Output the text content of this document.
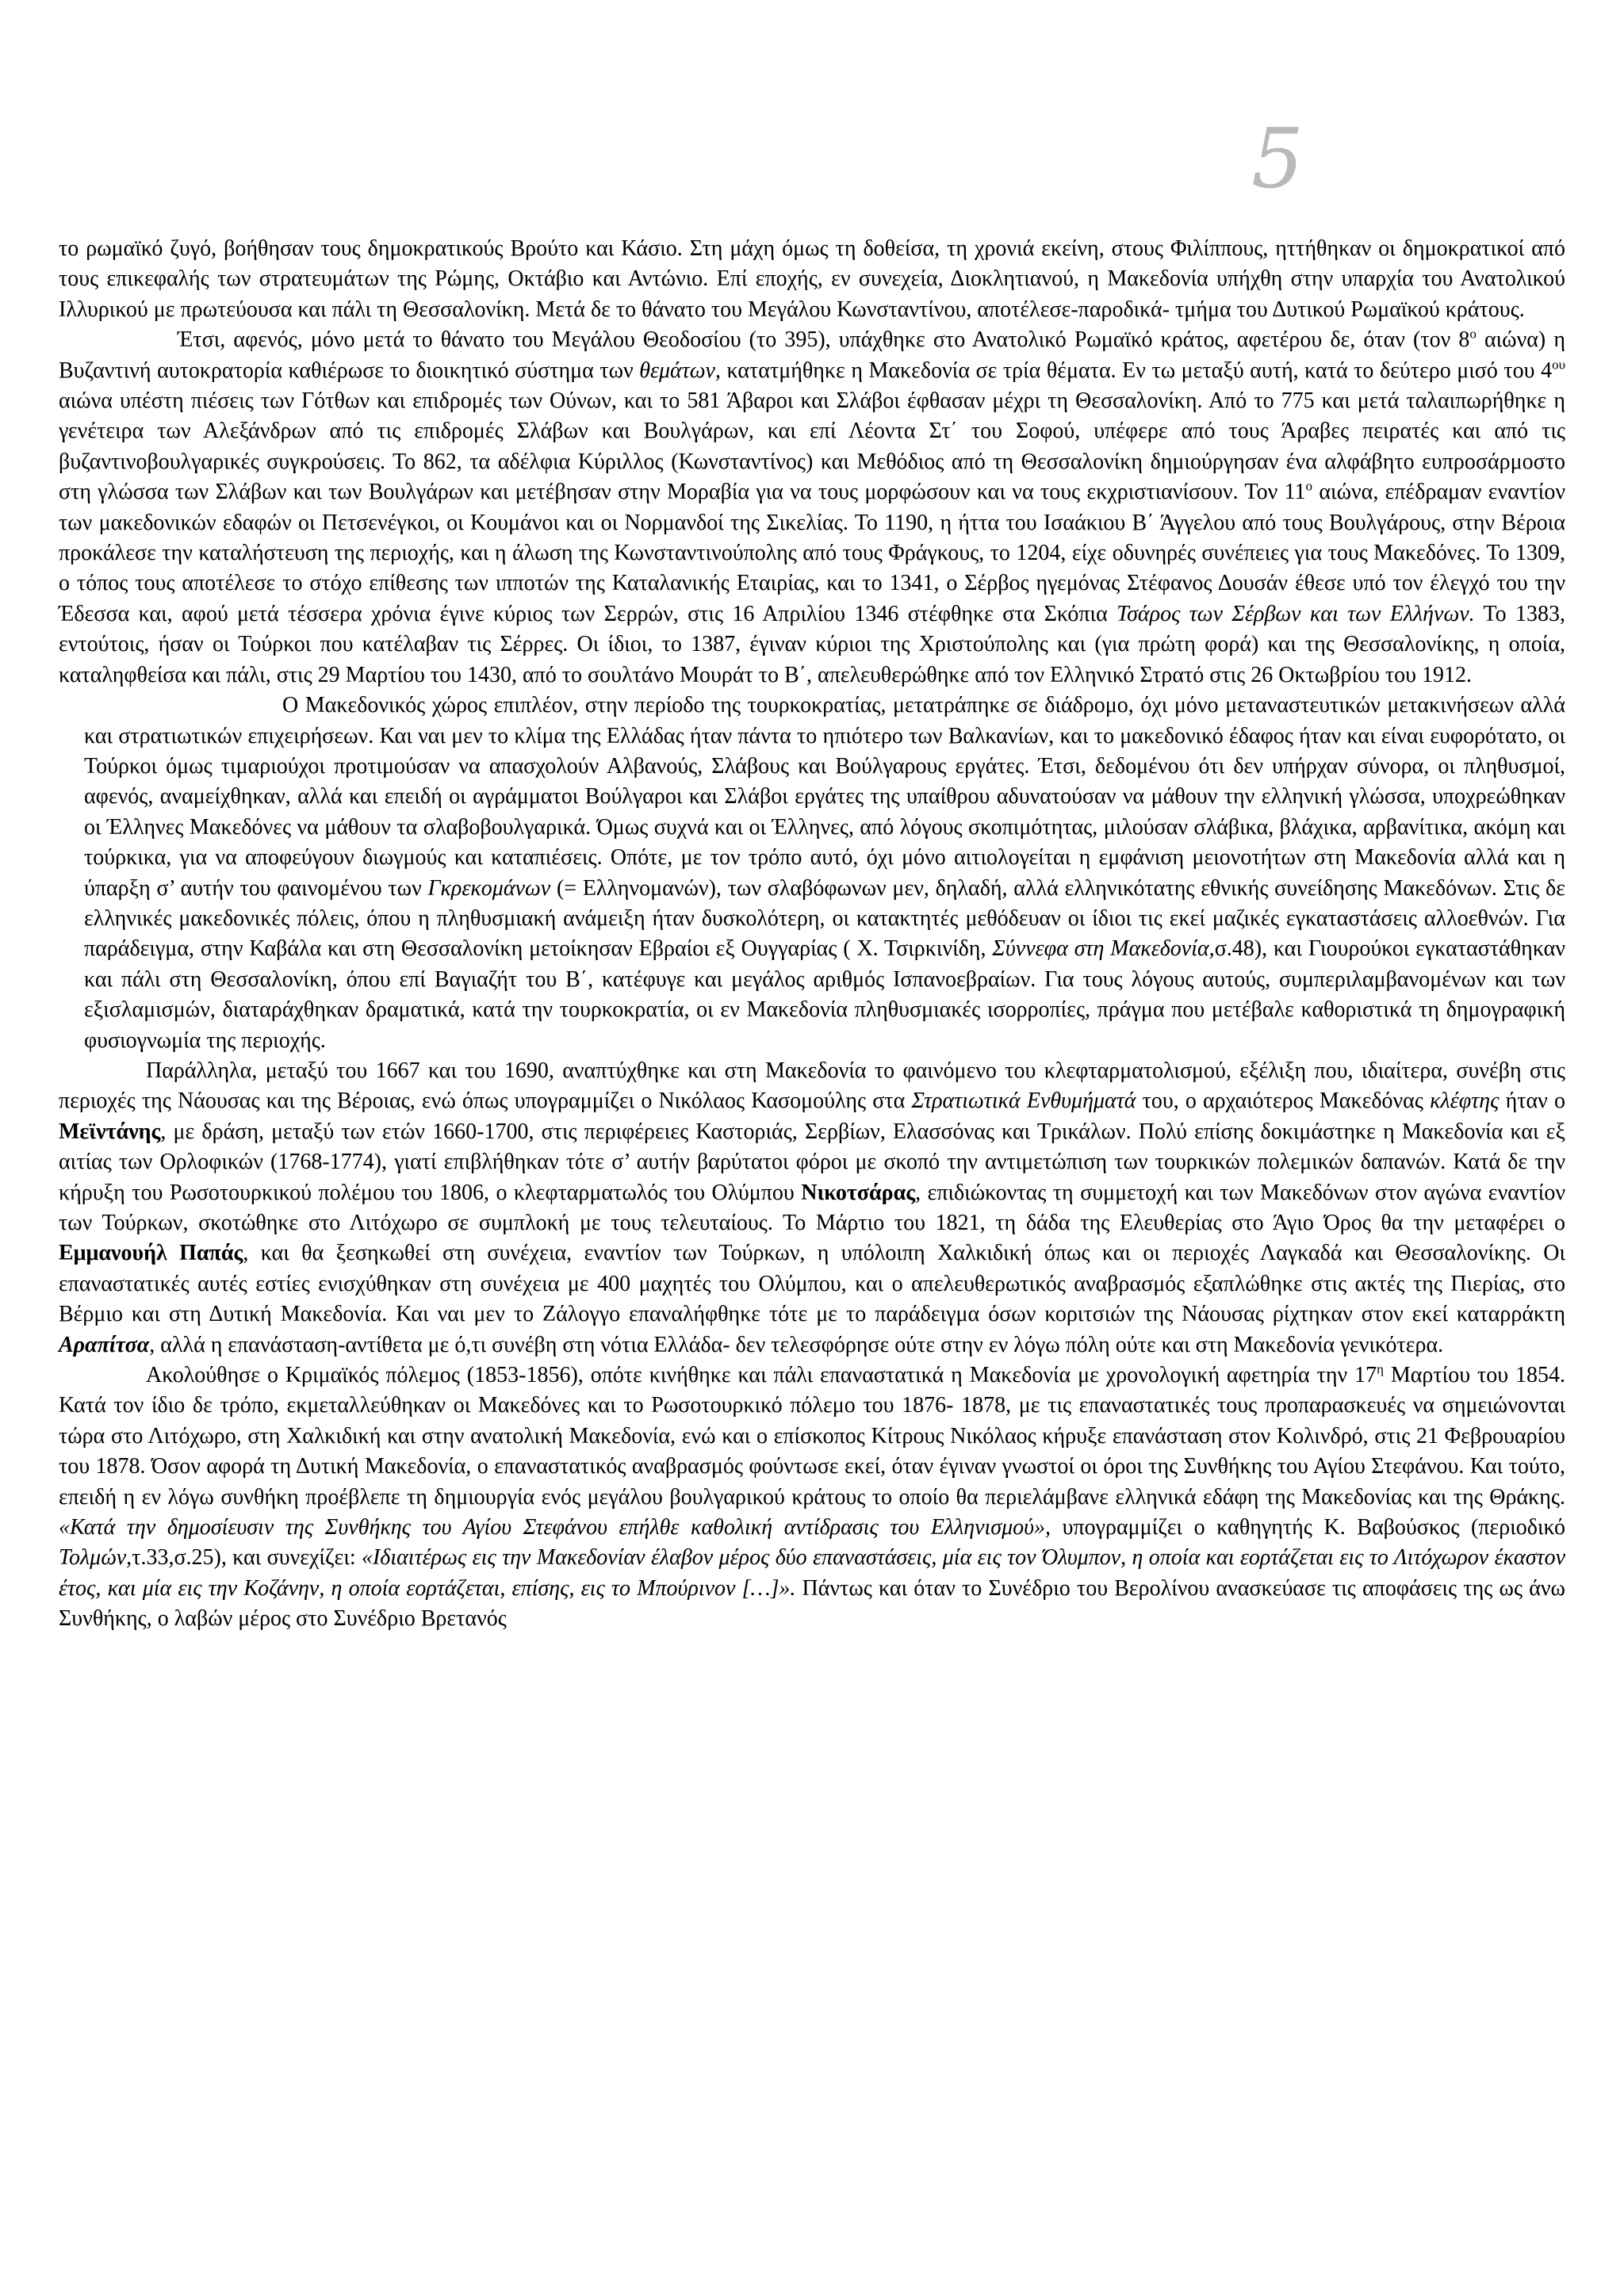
5

το ρωμαϊκό ζυγό, βοήθησαν τους δημοκρατικούς Βρούτο και Κάσιο. Στη μάχη όμως τη δοθείσα, τη χρονιά εκείνη, στους Φιλίππους, ηττήθηκαν οι δημοκρατικοί από τους επικεφαλής των στρατευμάτων της Ρώμης, Οκτάβιο και Αντώνιο. Επί εποχής, εν συνεχεία, Διοκλητιανού, η Μακεδονία υπήχθη στην υπαρχία του Ανατολικού Ιλλυρικού με πρωτεύουσα και πάλι τη Θεσσαλονίκη. Μετά δε το θάνατο του Μεγάλου Κωνσταντίνου, αποτέλεσε-παροδικά- τμήμα του Δυτικού Ρωμαϊκού κράτους.

Έτσι, αφενός, μόνο μετά το θάνατο του Μεγάλου Θεοδοσίου (το 395), υπάχθηκε στο Ανατολικό Ρωμαϊκό κράτος, αφετέρου δε, όταν (τον $8^o$ αιώνα) η Βυζαντινή αυτοκρατορία καθιέρωσε το διοικητικό σύστημα των θεμάτων, κατατμήθηκε η Μακεδονία σε τρία θέματα. Εν τω μεταξύ αυτή, κατά το δεύτερο μισό του $4^{o\upsilon}$ αιώνα υπέστη πιέσεις των Γότθων και επιδρομές των Ούνων, και το 581 Άβαροι και Σλάβοι έφθασαν μέχρι τη Θεσσαλονίκη. Από το 775 και μετά ταλαιπωρήθηκε η γενέτειρα των Αλεξάνδρων από τις επιδρομές Σλάβων και Βουλγάρων, και επί Λέοντα Στ΄ του Σοφού, υπέφερε από τους Άραβες πειρατές και από τις βυζαντινοβουλγαρικές συγκρούσεις. Το 862, τα αδέλφια Κύριλλος (Κωνσταντίνος) και Μεθόδιος από τη Θεσσαλονίκη δημιούργησαν ένα αλφάβητο ευπροσάρμοστο στη γλώσσα των Σλάβων και των Βουλγάρων και μετέβησαν στην Μοραβία για να τους μορφώσουν και να τους εκχριστιανίσουν. Τον $11^o$ αιώνα, επέδραμαν εναντίον των μακεδονικών εδαφών οι Πετσενέγκοι, οι Κουμάνοι και οι Νορμανδοί της Σικελίας. Το 1190, η ήττα του Ισαάκιου Β΄ Άγγελου από τους Βουλγάρους, στην Βέροια προκάλεσε την καταλήστευση της περιοχής, και η άλωση της Κωνσταντινούπολης από τους Φράγκους, το 1204, είχε οδυνηρές συνέπειες για τους Μακεδόνες. Το 1309, ο τόπος τους αποτέλεσε το στόχο επίθεσης των ιπποτών της Καταλανικής Εταιρίας, και το 1341, ο Σέρβος ηγεμόνας Στέφανος Δουσάν έθεσε υπό τον έλεγχό του την Έδεσσα και, αφού μετά τέσσερα χρόνια έγινε κύριος των Σερρών, στις 16 Απριλίου 1346 στέφθηκε στα Σκόπια Τσάρος των Σέρβων και των Ελλήνων. Το 1383, εντούτοις, ήσαν οι Τούρκοι που κατέλαβαν τις Σέρρες. Οι ίδιοι, το 1387, έγιναν κύριοι της Χριστούπολης και (για πρώτη φορά) και της Θεσσαλονίκης, η οποία, καταληφθείσα και πάλι, στις 29 Μαρτίου του 1430, από το σουλτάνο Μουράτ το Β΄, απελευθερώθηκε από τον Ελληνικό Στρατό στις 26 Οκτωβρίου του 1912.

Ο Μακεδονικός χώρος επιπλέον, στην περίοδο της τουρκοκρατίας, μετατράπηκε σε διάδρομο, όχι μόνο μεταναστευτικών μετακινήσεων αλλά και στρατιωτικών επιχειρήσεων. Και ναι μεν το κλίμα της Ελλάδας ήταν πάντα το ηπιότερο των Βαλκανίων, και το μακεδονικό έδαφος ήταν και είναι ευφορότατο, οι Τούρκοι όμως τιμαριούχοι προτιμούσαν να απασχολούν Αλβανούς, Σλάβους και Βούλγαρους εργάτες. Έτσι, δεδομένου ότι δεν υπήρχαν σύνορα, οι πληθυσμοί, αφενός, αναμείχθηκαν, αλλά και επειδή οι αγράμματοι Βούλγαροι και Σλάβοι εργάτες της υπαίθρου αδυνατούσαν να μάθουν την ελληνική γλώσσα, υποχρεώθηκαν οι Έλληνες Μακεδόνες να μάθουν τα σλαβοβουλγαρικά. Όμως συχνά και οι Έλληνες, από λόγους σκοπιμότητας, μιλούσαν σλάβικα, βλάχικα, αρβανίτικα, ακόμη και τούρκικα, για να αποφεύγουν διωγμούς και καταπιέσεις. Οπότε, με τον τρόπο αυτό, όχι μόνο αιτιολογείται η εμφάνιση μειονοτήτων στη Μακεδονία αλλά και η ύπαρξη σ’ αυτήν του φαινομένου των Γκρεκομάνων (= Ελληνομανών), των σλαβόφωνων μεν, δηλαδή, αλλά ελληνικότατης εθνικής συνείδησης Μακεδόνων. Στις δε ελληνικές μακεδονικές πόλεις, όπου η πληθυσμιακή ανάμειξη ήταν δυσκολότερη, οι κατακτητές μεθόδευαν οι ίδιοι τις εκεί μαζικές εγκαταστάσεις αλλοεθνών. Για παράδειγμα, στην Καβάλα και στη Θεσσαλονίκη μετοίκησαν Εβραίοι εξ Ουγγαρίας ( Χ. Τσιρκινίδη, Σύννεφα στη Μακεδονία,σ.48), και Γιουρούκοι εγκαταστάθηκαν και πάλι στη Θεσσαλονίκη, όπου επί Βαγιαζήτ του Β΄, κατέφυγε και μεγάλος αριθμός Ισπανοεβραίων. Για τους λόγους αυτούς, συμπεριλαμβανομένων και των εξισλαμισμών, διαταράχθηκαν δραματικά, κατά την τουρκοκρατία, οι εν Μακεδονία πληθυσμιακές ισορροπίες, πράγμα που μετέβαλε καθοριστικά τη δημογραφική φυσιογνωμία της περιοχής.

Παράλληλα, μεταξύ του 1667 και του 1690, αναπτύχθηκε και στη Μακεδονία το φαινόμενο του κλεφταρματολισμού, εξέλιξη που, ιδιαίτερα, συνέβη στις περιοχές της Νάουσας και της Βέροιας, ενώ όπως υπογραμμίζει ο Νικόλαος Κασομούλης στα Στρατιωτικά Ενθυμήματά του, ο αρχαιότερος Μακεδόνας κλέφτης ήταν ο Μεϊντάνης, με δράση, μεταξύ των ετών 1660-1700, στις περιφέρειες Καστοριάς, Σερβίων, Ελασσόνας και Τρικάλων. Πολύ επίσης δοκιμάστηκε η Μακεδονία και εξ αιτίας των Ορλοφικών (1768-1774), γιατί επιβλήθηκαν τότε σ’ αυτήν βαρύτατοι φόροι με σκοπό την αντιμετώπιση των τουρκικών πολεμικών δαπανών. Κατά δε την κήρυξη του Ρωσοτουρκικού πολέμου του 1806, ο κλεφταρματωλός του Ολύμπου Νικοτσάρας, επιδιώκοντας τη συμμετοχή και των Μακεδόνων στον αγώνα εναντίον των Τούρκων, σκοτώθηκε στο Λιτόχωρο σε συμπλοκή με τους τελευταίους. Το Μάρτιο του 1821, τη δάδα της Ελευθερίας στο Άγιο Όρος θα την μεταφέρει ο Εμμανουήλ Παπάς, και θα ξεσηκωθεί στη συνέχεια, εναντίον των Τούρκων, η υπόλοιπη Χαλκιδική όπως και οι περιοχές Λαγκαδά και Θεσσαλονίκης. Οι επαναστατικές αυτές εστίες ενισχύθηκαν στη συνέχεια με 400 μαχητές του Ολύμπου, και ο απελευθερωτικός αναβρασμός εξαπλώθηκε στις ακτές της Πιερίας, στο Βέρμιο και στη Δυτική Μακεδονία. Και ναι μεν το Ζάλογγο επαναλήφθηκε τότε με το παράδειγμα όσων κοριτσιών της Νάουσας ρίχτηκαν στον εκεί καταρράκτη Αραπίτσα, αλλά η επανάσταση-αντίθετα με ό,τι συνέβη στη νότια Ελλάδα- δεν τελεσφόρησε ούτε στην εν λόγω πόλη ούτε και στη Μακεδονία γενικότερα.

Ακολούθησε ο Κριμαϊκός πόλεμος (1853-1856), οπότε κινήθηκε και πάλι επαναστατικά η Μακεδονία με χρονολογική αφετηρία την $17^\eta$ Μαρτίου του 1854. Κατά τον ίδιο δε τρόπο, εκμεταλλεύθηκαν οι Μακεδόνες και το Ρωσοτουρκικό πόλεμο του 1876- 1878, με τις επαναστατικές τους προπαρασκευές να σημειώνονται τώρα στο Λιτόχωρο, στη Χαλκιδική και στην ανατολική Μακεδονία, ενώ και ο επίσκοπος Κίτρους Νικόλαος κήρυξε επανάσταση στον Κολινδρό, στις 21 Φεβρουαρίου του 1878. Όσον αφορά τη Δυτική Μακεδονία, ο επαναστατικός αναβρασμός φούντωσε εκεί, όταν έγιναν γνωστοί οι όροι της Συνθήκης του Αγίου Στεφάνου. Και τούτο, επειδή η εν λόγω συνθήκη προέβλεπε τη δημιουργία ενός μεγάλου βουλγαρικού κράτους το οποίο θα περιελάμβανε ελληνικά εδάφη της Μακεδονίας και της Θράκης. «Κατά την δημοσίευσιν της Συνθήκης του Αγίου Στεφάνου επήλθε καθολική αντίδρασις του Ελληνισμού», υπογραμμίζει ο καθηγητής Κ. Βαβούσκος (περιοδικό Τολμών,τ.33,σ.25), και συνεχίζει: «Ιδιαιτέρως εις την Μακεδονίαν έλαβον μέρος δύο επαναστάσεις, μία εις τον Όλυμπον, η οποία και εορτάζεται εις το Λιτόχωρον έκαστον έτος, και μία εις την Κοζάνην, η οποία εορτάζεται, επίσης, εις το Μπούρινον […]». Πάντως και όταν το Συνέδριο του Βερολίνου ανασκεύασε τις αποφάσεις της ως άνω Συνθήκης, ο λαβών μέρος στο Συνέδριο Βρετανός
